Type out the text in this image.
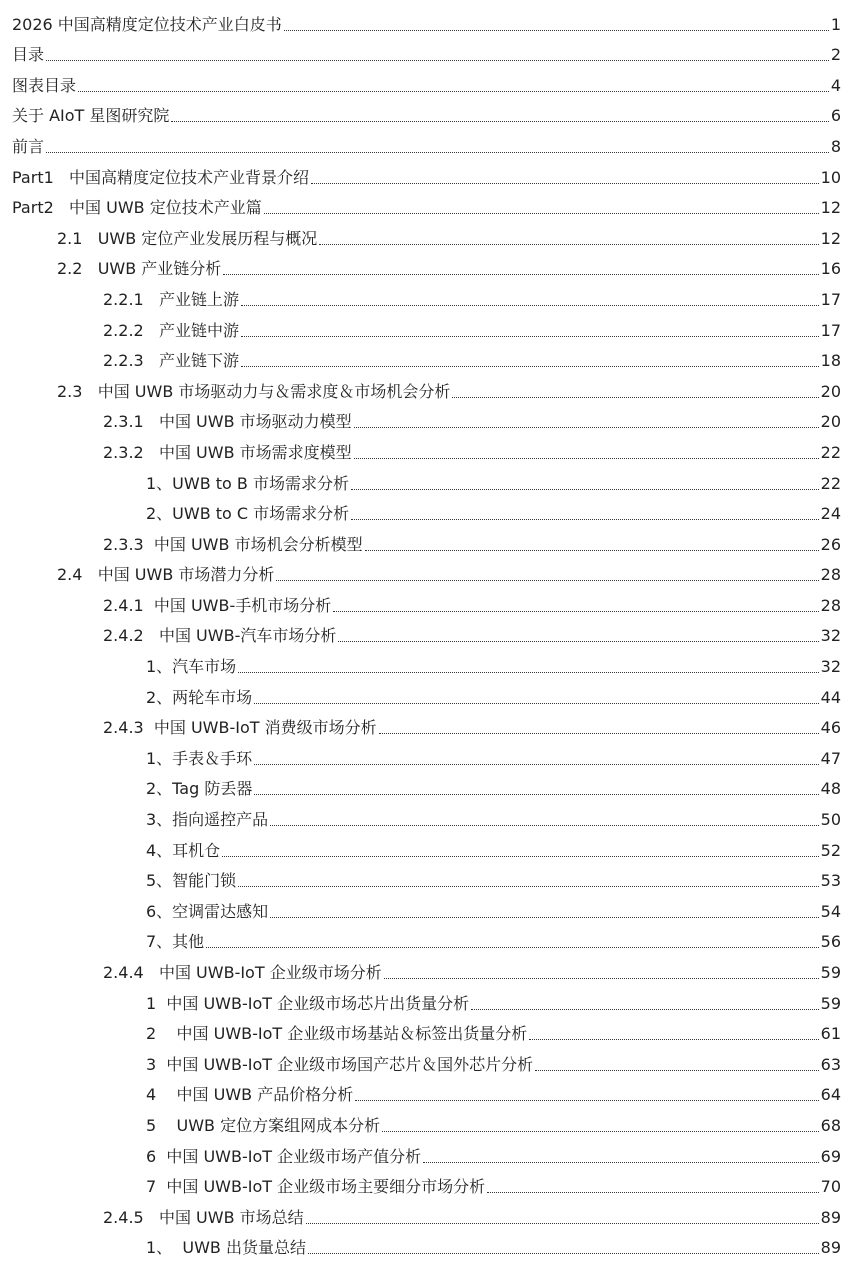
2026 中国高精度定位技术产业白皮书	1
目录	2
图表目录	4
关于 AIoT 星图研究院	6
前言	8
Part1   中国高精度定位技术产业背景介绍	10
Part2   中国 UWB 定位技术产业篇	12
2.1   UWB 定位产业发展历程与概况	12
2.2   UWB 产业链分析	16
2.2.1   产业链上游	17
2.2.2   产业链中游	17
2.2.3   产业链下游	18
2.3   中国 UWB 市场驱动力与＆需求度＆市场机会分析	20
2.3.1   中国 UWB 市场驱动力模型	20
2.3.2   中国 UWB 市场需求度模型	22
1、UWB to B 市场需求分析	22
2、UWB to C 市场需求分析	24
2.3.3  中国 UWB 市场机会分析模型	26
2.4   中国 UWB 市场潜力分析	28
2.4.1  中国 UWB-手机市场分析	28
2.4.2   中国 UWB-汽车市场分析	32
1、汽车市场	32
2、两轮车市场	44
2.4.3  中国 UWB-IoT 消费级市场分析	46
1、手表＆手环	47
2、Tag 防丢器	48
3、指向遥控产品	50
4、耳机仓	52
5、智能门锁	53
6、空调雷达感知	54
7、其他	56
2.4.4   中国 UWB-IoT 企业级市场分析	59
1  中国 UWB-IoT 企业级市场芯片出货量分析	59
2    中国 UWB-IoT 企业级市场基站＆标签出货量分析	61
3  中国 UWB-IoT 企业级市场国产芯片＆国外芯片分析	63
4    中国 UWB 产品价格分析	64
5    UWB 定位方案组网成本分析	68
6  中国 UWB-IoT 企业级市场产值分析	69
7  中国 UWB-IoT 企业级市场主要细分市场分析	70
2.4.5   中国 UWB 市场总结	89
1、  UWB 出货量总结	89
